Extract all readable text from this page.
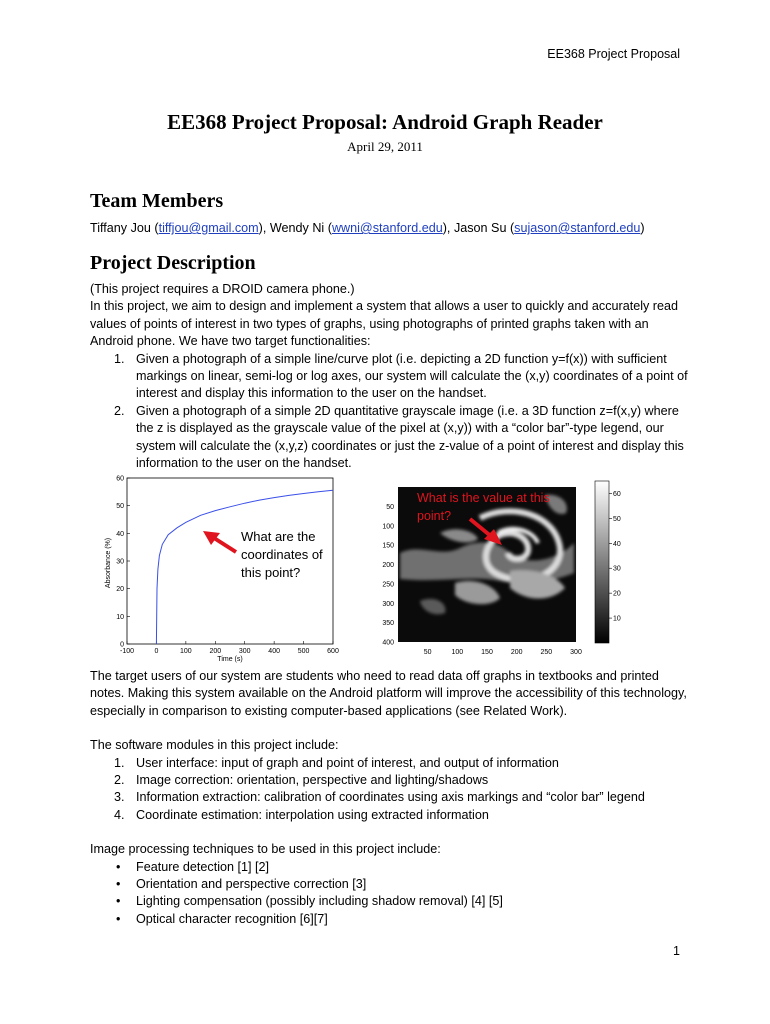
EE368 Project Proposal
EE368 Project Proposal: Android Graph Reader
April 29, 2011
Team Members
Tiffany Jou (tiffjou@gmail.com), Wendy Ni (wwni@stanford.edu), Jason Su (sujason@stanford.edu)
Project Description
(This project requires a DROID camera phone.)
In this project, we aim to design and implement a system that allows a user to quickly and accurately read values of points of interest in two types of graphs, using photographs of printed graphs taken with an Android phone. We have two target functionalities:
1. Given a photograph of a simple line/curve plot (i.e. depicting a 2D function y=f(x)) with sufficient markings on linear, semi-log or log axes, our system will calculate the (x,y) coordinates of a point of interest and display this information to the user on the handset.
2. Given a photograph of a simple 2D quantitative grayscale image (i.e. a 3D function z=f(x,y) where the z is displayed as the grayscale value of the pixel at (x,y)) with a “color bar”-type legend, our system will calculate the (x,y,z) coordinates or just the z-value of a point of interest and display this information to the user on the handset.
0
10
20
30
40
50
60
-100	0	100	200	300	400	500	600
Absorbance (%)
Time (s)
What are the
coordinates of
this point?
50
100
150
200
250
300
350
400
50	100	150	200	250	300
60
50
40
30
20
10
What is the value at this
point?
The target users of our system are students who need to read data off graphs in textbooks and printed notes. Making this system available on the Android platform will improve the accessibility of this technology, especially in comparison to existing computer-based applications (see Related Work).
The software modules in this project include:
1. User interface: input of graph and point of interest, and output of information
2. Image correction: orientation, perspective and lighting/shadows
3. Information extraction: calibration of coordinates using axis markings and “color bar” legend
4. Coordinate estimation: interpolation using extracted information
Image processing techniques to be used in this project include:
• Feature detection [1] [2]
• Orientation and perspective correction [3]
• Lighting compensation (possibly including shadow removal) [4] [5]
• Optical character recognition [6][7]
1
